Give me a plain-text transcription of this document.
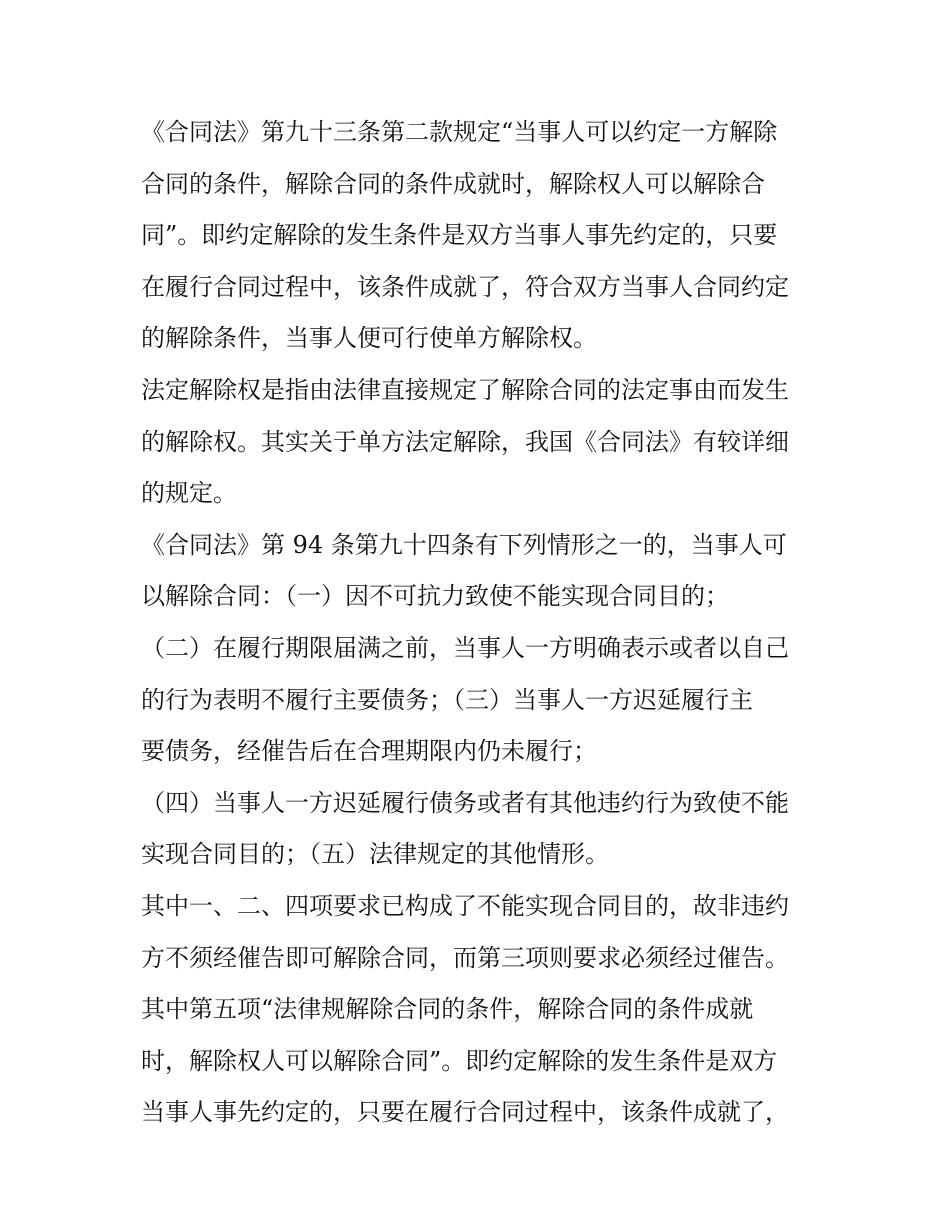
《合同法》第九十三条第二款规定“当事人可以约定一方解除
合同的条件，解除合同的条件成就时，解除权人可以解除合
同”。即约定解除的发生条件是双方当事人事先约定的，只要
在履行合同过程中，该条件成就了，符合双方当事人合同约定
的解除条件，当事人便可行使单方解除权。
法定解除权是指由法律直接规定了解除合同的法定事由而发生
的解除权。其实关于单方法定解除，我国《合同法》有较详细
的规定。
《合同法》第 94 条第九十四条有下列情形之一的，当事人可
以解除合同：（一）因不可抗力致使不能实现合同目的；
（二）在履行期限届满之前，当事人一方明确表示或者以自己
的行为表明不履行主要债务；（三）当事人一方迟延履行主
要债务，经催告后在合理期限内仍未履行；
（四）当事人一方迟延履行债务或者有其他违约行为致使不能
实现合同目的；（五）法律规定的其他情形。
其中一、二、四项要求已构成了不能实现合同目的，故非违约
方不须经催告即可解除合同，而第三项则要求必须经过催告。
其中第五项“法律规解除合同的条件，解除合同的条件成就
时，解除权人可以解除合同”。即约定解除的发生条件是双方
当事人事先约定的，只要在履行合同过程中，该条件成就了，
